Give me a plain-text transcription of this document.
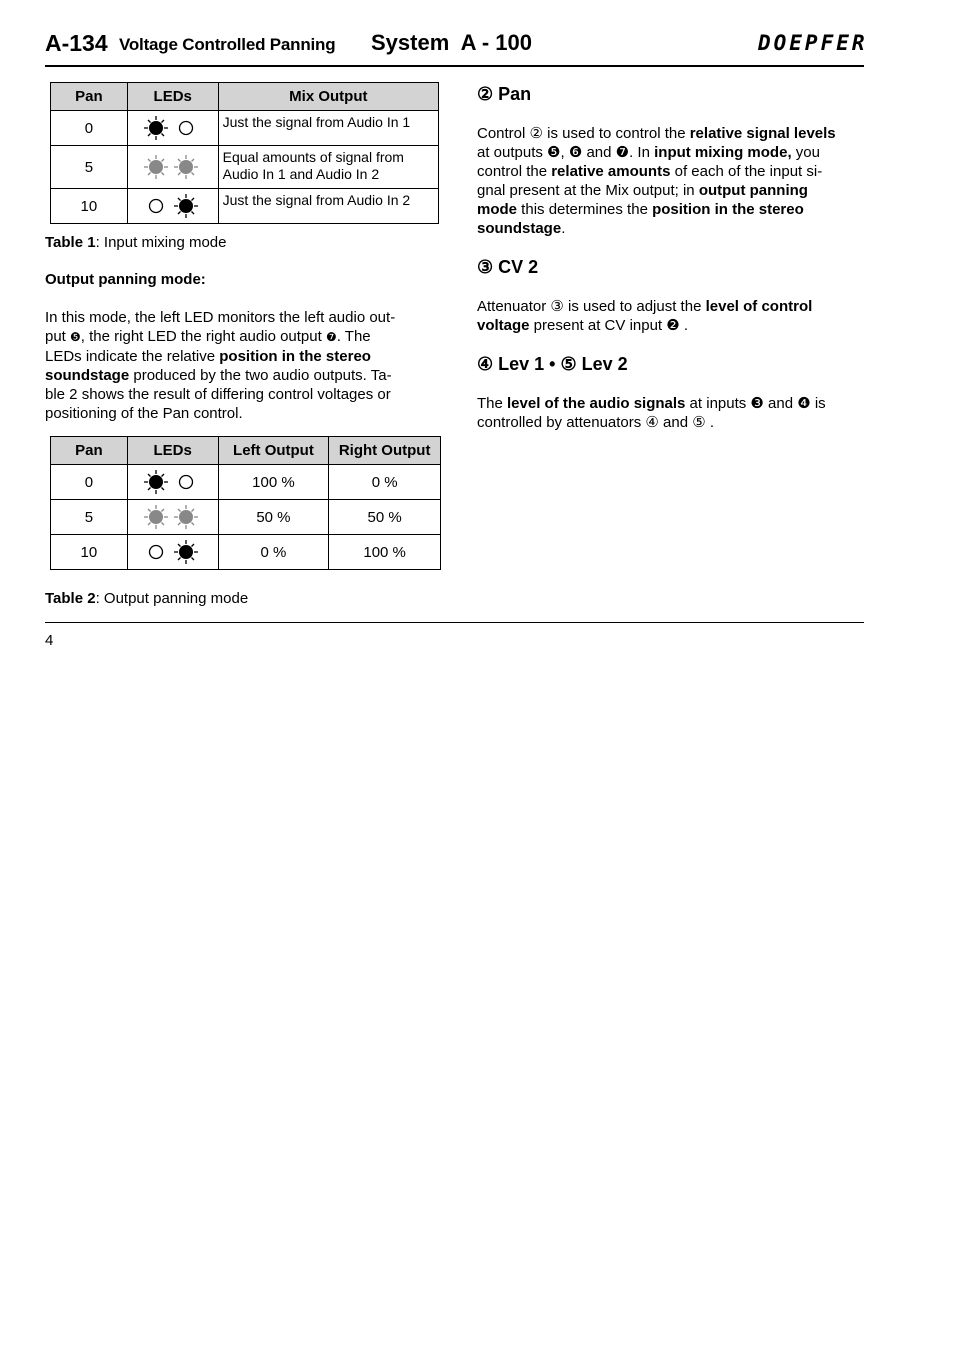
A-134 Voltage Controlled Panning System  A - 100	DOEPFER
Pan	LEDs	Mix Output
0		Just the signal from Audio In 1
5		Equal amounts of signal from Audio In 1 and Audio In 2
10		Just the signal from Audio In 2
Table 1: Input mixing mode
Output panning mode:
In this mode, the left LED monitors the left audio out-
put ❺, the right LED the right audio output ❼. The
LEDs indicate the relative position in the stereo
soundstage produced by the two audio outputs. Ta-
ble 2 shows the result of differing control voltages or
positioning of the Pan control.
Pan	LEDs	Left Output	Right Output
0		100 %	0 %
5		50 %	50 %
10		0 %	100 %
Table 2: Output panning mode
② Pan
Control ② is used to control the relative signal levels
at outputs ❺, ❻ and ❼. In input mixing mode, you
control the relative amounts of each of the input si-
gnal present at the Mix output; in output panning
mode this determines the position in the stereo
soundstage.
③ CV 2
Attenuator ③ is used to adjust the level of control
voltage present at CV input ❷ .
④ Lev 1 • ⑤ Lev 2
The level of the audio signals at inputs ❸ and ❹ is
controlled by attenuators ④ and ⑤ .
4
